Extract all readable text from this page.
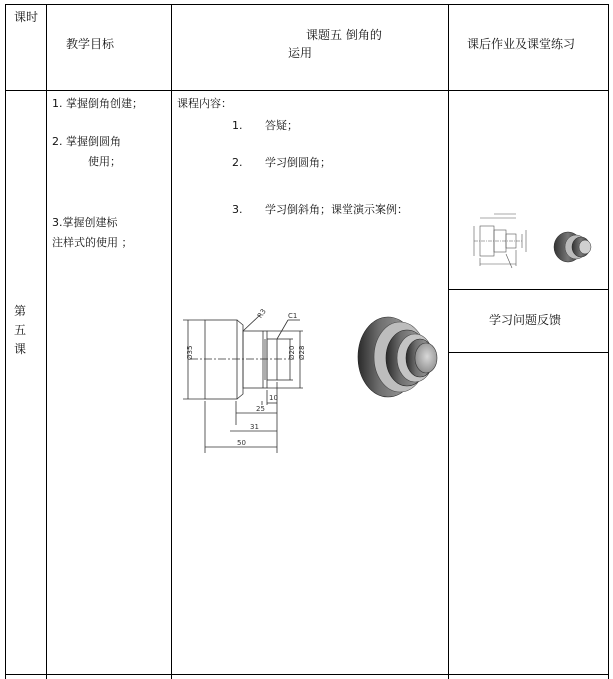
课时
教学目标
课题五 倒角的
运用
课后作业及课堂练习
第
五
课
1. 掌握倒角创建；
2. 掌握倒圆角
使用；
3.掌握创建标
注样式的使用 ；
课程内容：
1. 答疑；
2. 学习倒圆角；
3. 学习倒斜角；课堂演示案例：
R3	C1
Ø35	Ø20 Ø28
10
25
31
50
学习问题反馈
